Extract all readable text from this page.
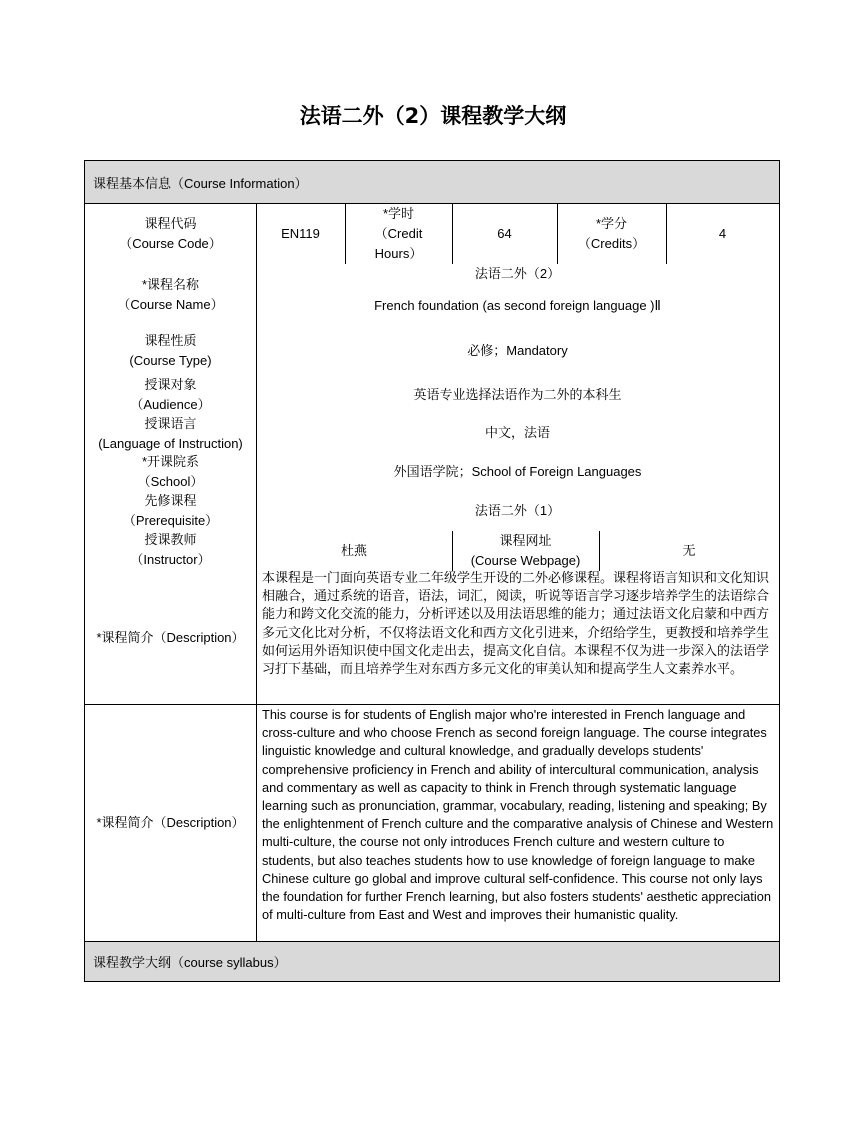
法语二外（2）课程教学大纲
课程基本信息（Course Information）
课程代码
（Course Code）
EN119
*学时
（Credit
Hours）
64
*学分
（Credits）
4
*课程名称
（Course Name）
法语二外（2）
French foundation (as second foreign language )Ⅱ
课程性质
(Course Type)
必修；Mandatory
授课对象
（Audience）
英语专业选择法语作为二外的本科生
授课语言
(Language of Instruction)
中文，法语
*开课院系
（School）
外国语学院；School of Foreign Languages
先修课程
（Prerequisite）
法语二外（1）
授课教师
（Instructor）
杜燕
课程网址
(Course Webpage)
无
*课程简介（Description）
本课程是一门面向英语专业二年级学生开设的二外必修课程。课程将语言知识和文化知识相融合，通过系统的语音，语法，词汇，阅读，听说等语言学习逐步培养学生的法语综合能力和跨文化交流的能力，分析评述以及用法语思维的能力；通过法语文化启蒙和中西方多元文化比对分析，不仅将法语文化和西方文化引进来，介绍给学生，更教授和培养学生如何运用外语知识使中国文化走出去，提高文化自信。本课程不仅为进一步深入的法语学习打下基础，而且培养学生对东西方多元文化的审美认知和提高学生人文素养水平。
*课程简介（Description）
This course is for students of English major who're interested in French language and cross-culture and who choose French as second foreign language. The course integrates linguistic knowledge and cultural knowledge, and gradually develops students' comprehensive proficiency in French and ability of intercultural communication, analysis and commentary as well as capacity to think in French through systematic language learning such as pronunciation, grammar, vocabulary, reading, listening and speaking; By the enlightenment of French culture and the comparative analysis of Chinese and Western multi-culture, the course not only introduces French culture and western culture to students, but also teaches students how to use knowledge of foreign language to make Chinese culture go global and improve cultural self-confidence. This course not only lays the foundation for further French learning, but also fosters students' aesthetic appreciation of multi-culture from East and West and improves their humanistic quality.
课程教学大纲（course syllabus）
